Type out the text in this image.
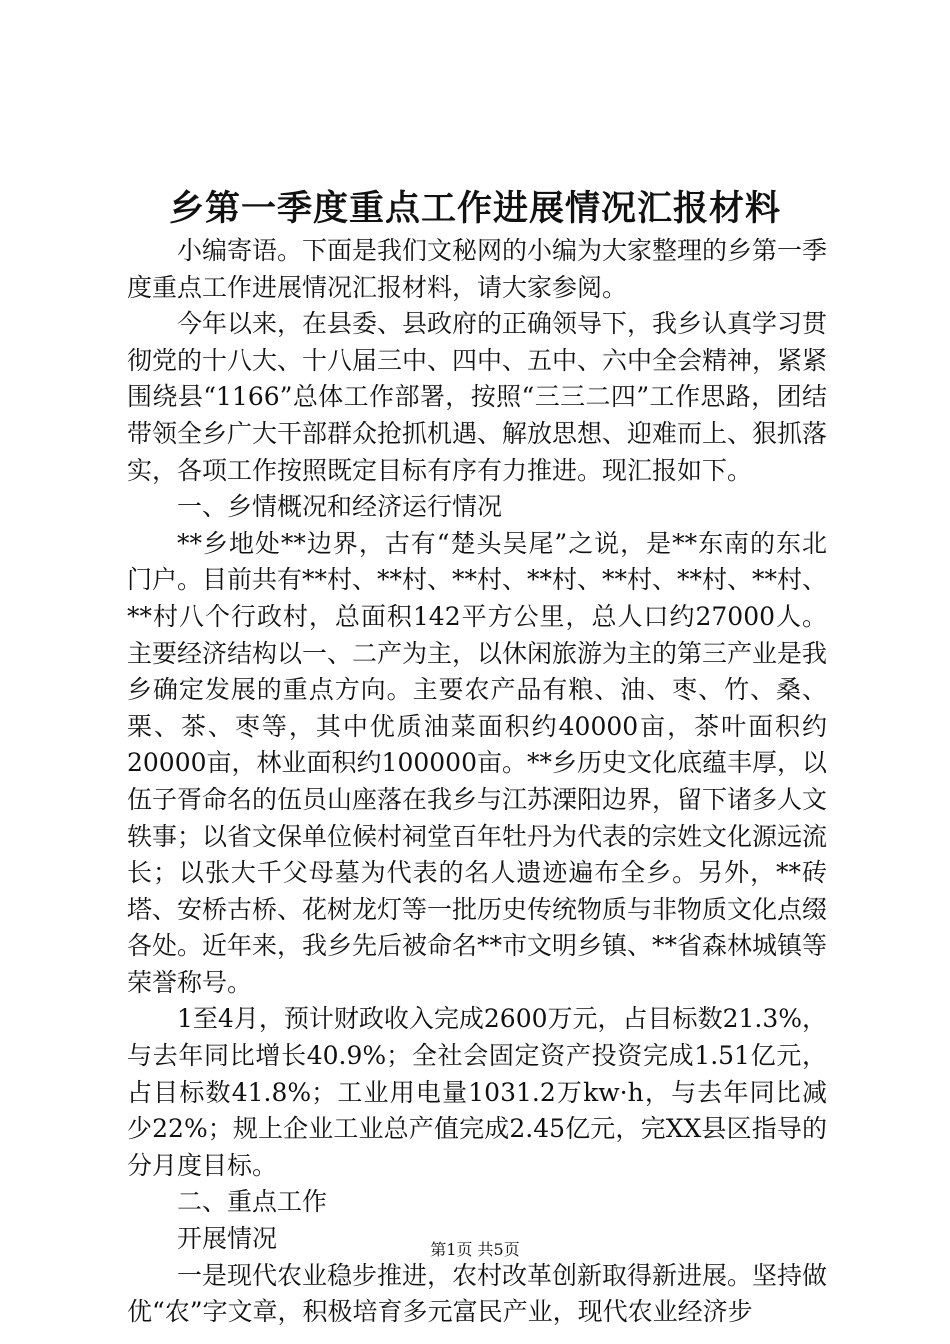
乡第一季度重点工作进展情况汇报材料

小编寄语。下面是我们文秘网的小编为大家整理的乡第一季度重点工作进展情况汇报材料，请大家参阅。

今年以来，在县委、县政府的正确领导下，我乡认真学习贯彻党的十八大、十八届三中、四中、五中、六中全会精神，紧紧围绕县“1166”总体工作部署，按照“三三二四”工作思路，团结带领全乡广大干部群众抢抓机遇、解放思想、迎难而上、狠抓落实，各项工作按照既定目标有序有力推进。现汇报如下。

一、乡情概况和经济运行情况

**乡地处**边界，古有“楚头吴尾”之说，是**东南的东北门户。目前共有**村、**村、**村、**村、**村、**村、**村、**村八个行政村，总面积142平方公里，总人口约27000人。主要经济结构以一、二产为主，以休闲旅游为主的第三产业是我乡确定发展的重点方向。主要农产品有粮、油、枣、竹、桑、栗、茶、枣等，其中优质油菜面积约40000亩，茶叶面积约20000亩，林业面积约100000亩。**乡历史文化底蕴丰厚，以伍子胥命名的伍员山座落在我乡与江苏溧阳边界，留下诸多人文轶事；以省文保单位候村祠堂百年牡丹为代表的宗姓文化源远流长；以张大千父母墓为代表的名人遗迹遍布全乡。另外，**砖塔、安桥古桥、花树龙灯等一批历史传统物质与非物质文化点缀各处。近年来，我乡先后被命名**市文明乡镇、**省森林城镇等荣誉称号。

1至4月，预计财政收入完成2600万元，占目标数21.3%，与去年同比增长40.9%；全社会固定资产投资完成1.51亿元，占目标数41.8%；工业用电量1031.2万kw·h，与去年同比减少22%；规上企业工业总产值完成2.45亿元，完XX县区指导的分月度目标。

二、重点工作

开展情况

一是现代农业稳步推进，农村改革创新取得新进展。坚持做优“农”字文章，积极培育多元富民产业，现代农业经济步

第1页 共5页
